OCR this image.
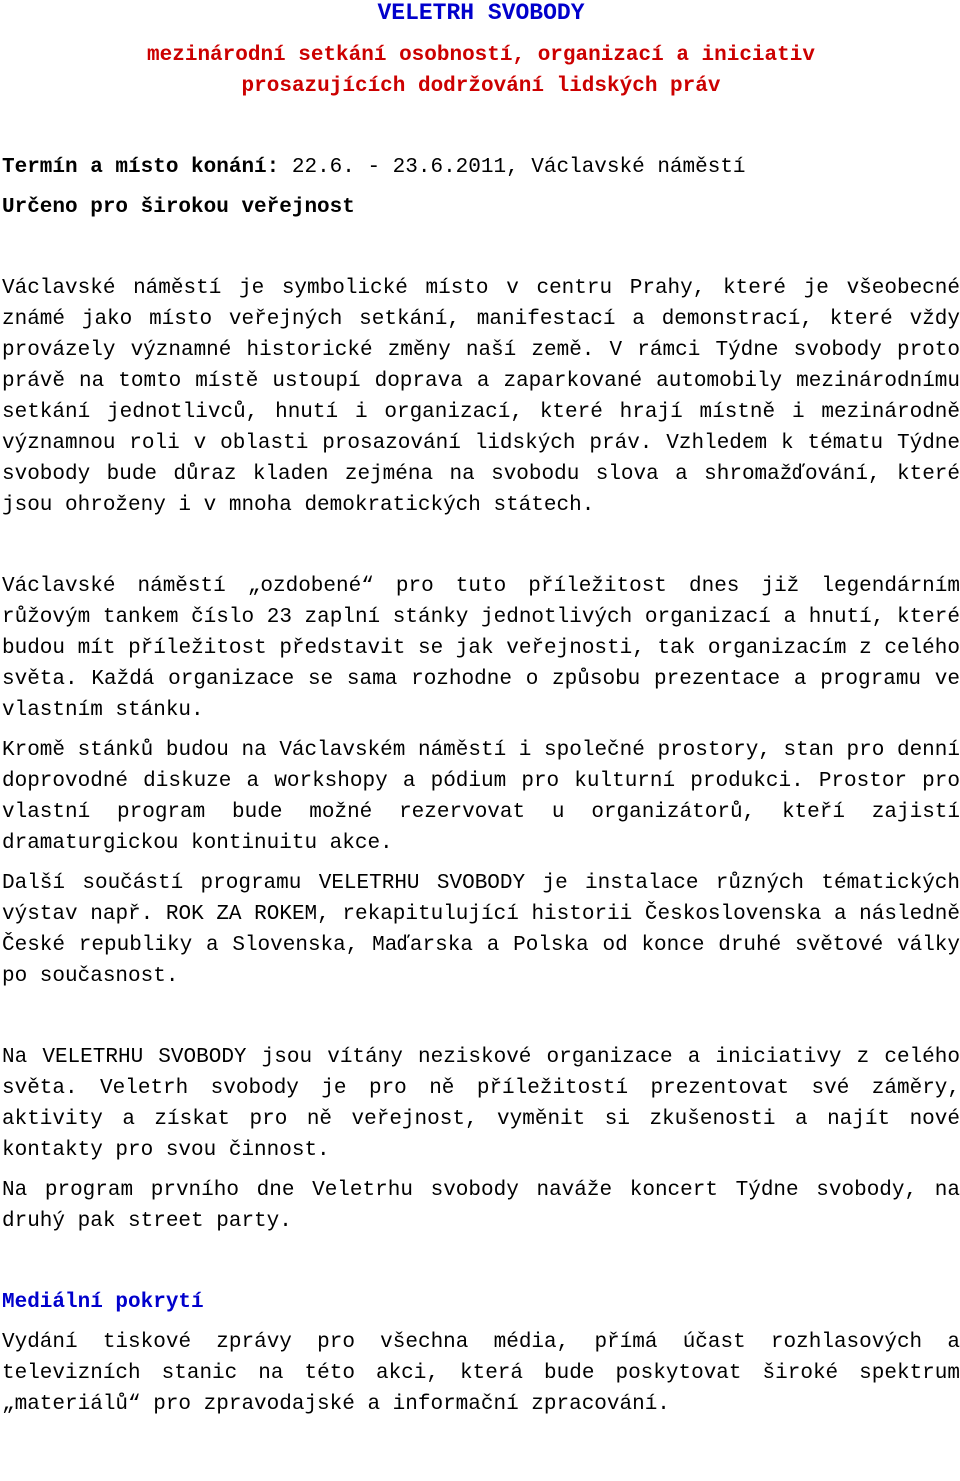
VELETRH SVOBODY
mezinárodní setkání osobností, organizací a iniciativ
prosazujících dodržování lidských práv

Termín a místo konání: 22.6. - 23.6.2011, Václavské náměstí

Určeno pro širokou veřejnost

Václavské náměstí je symbolické místo v centru Prahy, které je všeobecné známé jako místo veřejných setkání, manifestací a demonstrací, které vždy provázely významné historické změny naší země. V rámci Týdne svobody proto právě na tomto místě ustoupí doprava a zaparkované automobily mezinárodnímu setkání jednotlivců, hnutí i organizací, které hrají místně i mezinárodně významnou roli v oblasti prosazování lidských práv. Vzhledem k tématu Týdne svobody bude důraz kladen zejména na svobodu slova a shromažďování, které jsou ohroženy i v mnoha demokratických státech.

Václavské náměstí „ozdobené“ pro tuto příležitost dnes již legendárním růžovým tankem číslo 23 zaplní stánky jednotlivých organizací a hnutí, které budou mít příležitost představit se jak veřejnosti, tak organizacím z celého světa. Každá organizace se sama rozhodne o způsobu prezentace a programu ve vlastním stánku.

Kromě stánků budou na Václavském náměstí i společné prostory, stan pro denní doprovodné diskuze a workshopy a pódium pro kulturní produkci. Prostor pro vlastní program bude možné rezervovat u organizátorů, kteří zajistí dramaturgickou kontinuitu akce.

Další součástí programu VELETRHU SVOBODY je instalace různých tématických výstav např. ROK ZA ROKEM, rekapitulující historii Československa a následně České republiky a Slovenska, Maďarska a Polska od konce druhé světové války po současnost.

Na VELETRHU SVOBODY jsou vítány neziskové organizace a iniciativy z celého světa. Veletrh svobody je pro ně příležitostí prezentovat své záměry, aktivity a získat pro ně veřejnost, vyměnit si zkušenosti a najít nové kontakty pro svou činnost.

Na program prvního dne Veletrhu svobody naváže koncert Týdne svobody, na druhý pak street party.

Mediální pokrytí

Vydání tiskové zprávy pro všechna média, přímá účast rozhlasových a televizních stanic na této akci, která bude poskytovat široké spektrum „materiálů“ pro zpravodajské a informační zpracování.
